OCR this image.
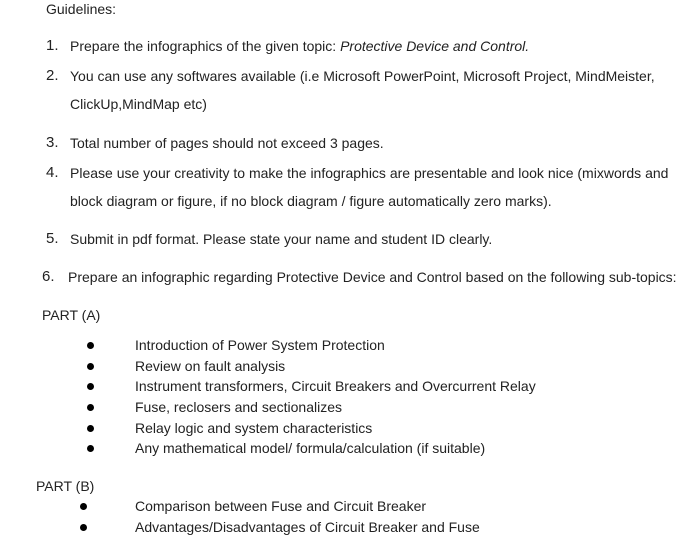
Guidelines:
1. Prepare the infographics of the given topic: Protective Device and Control.
2. You can use any softwares available (i.e Microsoft PowerPoint, Microsoft Project, MindMeister,
ClickUp,MindMap etc)
3. Total number of pages should not exceed 3 pages.
4. Please use your creativity to make the infographics are presentable and look nice (mixwords and
block diagram or figure, if no block diagram / figure automatically zero marks).
5. Submit in pdf format. Please state your name and student ID clearly.
6. Prepare an infographic regarding Protective Device and Control based on the following sub-topics:
PART (A)
Introduction of Power System Protection
Review on fault analysis
Instrument transformers, Circuit Breakers and Overcurrent Relay
Fuse, reclosers and sectionalizes
Relay logic and system characteristics
Any mathematical model/ formula/calculation (if suitable)
PART (B)
Comparison between Fuse and Circuit Breaker
Advantages/Disadvantages of Circuit Breaker and Fuse
